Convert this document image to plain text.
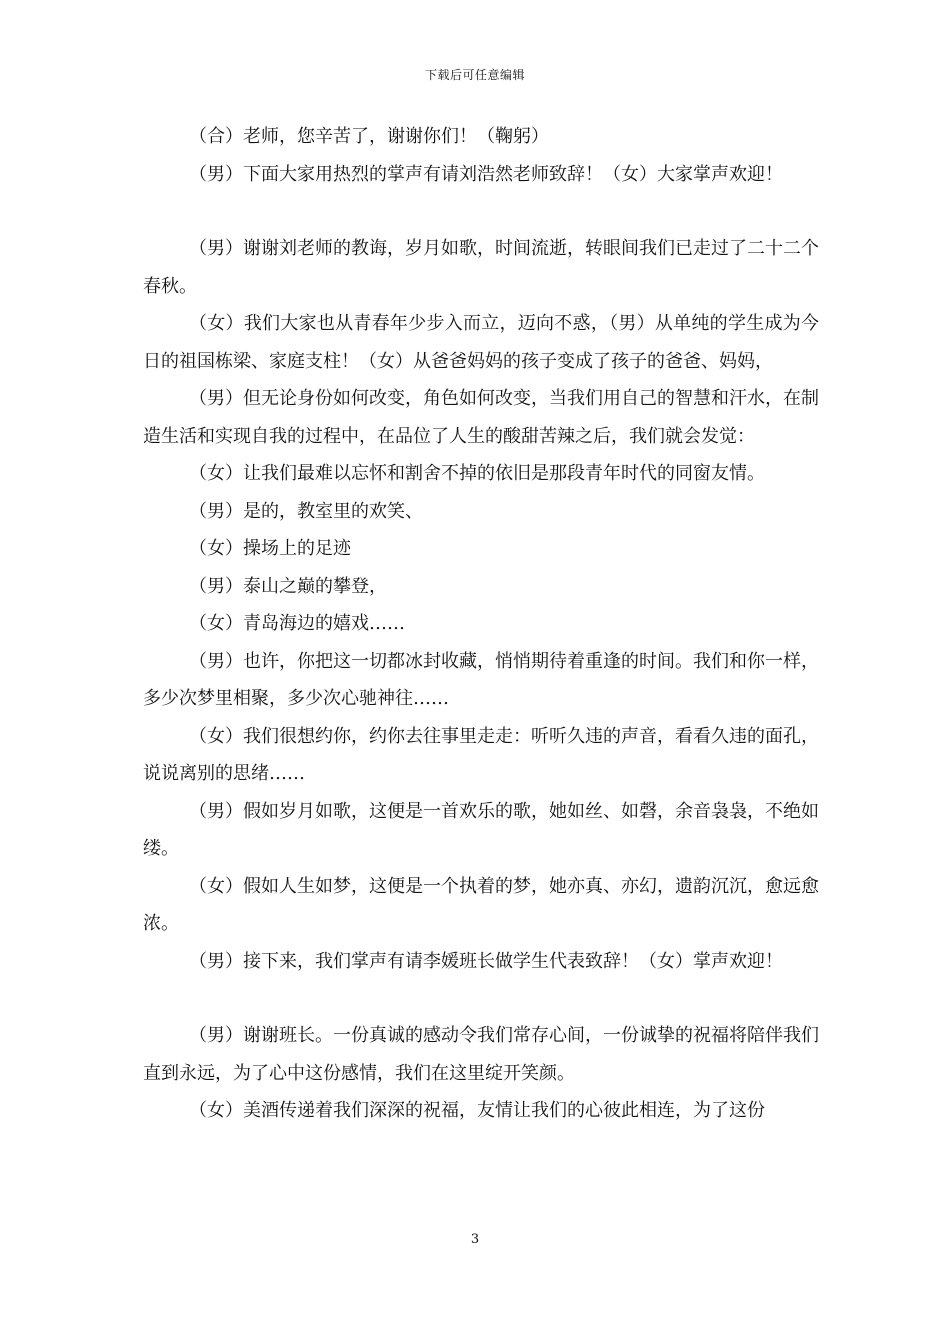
下载后可任意编辑

（合）老师，您辛苦了，谢谢你们！（鞠躬）

（男）下面大家用热烈的掌声有请刘浩然老师致辞！（女）大家掌声欢迎！

（男）谢谢刘老师的教诲，岁月如歌，时间流逝，转眼间我们已走过了二十二个春秋。

（女）我们大家也从青春年少步入而立，迈向不惑，（男）从单纯的学生成为今日的祖国栋梁、家庭支柱！（女）从爸爸妈妈的孩子变成了孩子的爸爸、妈妈，

（男）但无论身份如何改变，角色如何改变，当我们用自己的智慧和汗水，在制造生活和实现自我的过程中，在品位了人生的酸甜苦辣之后，我们就会发觉：

（女）让我们最难以忘怀和割舍不掉的依旧是那段青年时代的同窗友情。

（男）是的，教室里的欢笑、

（女）操场上的足迹

（男）泰山之巅的攀登，

（女）青岛海边的嬉戏……

（男）也许，你把这一切都冰封收藏，悄悄期待着重逢的时间。我们和你一样，多少次梦里相聚，多少次心驰神往……

（女）我们很想约你，约你去往事里走走：听听久违的声音，看看久违的面孔，说说离别的思绪……

（男）假如岁月如歌，这便是一首欢乐的歌，她如丝、如磬，余音袅袅，不绝如缕。

（女）假如人生如梦，这便是一个执着的梦，她亦真、亦幻，遗韵沉沉，愈远愈浓。

（男）接下来，我们掌声有请李媛班长做学生代表致辞！（女）掌声欢迎！

（男）谢谢班长。一份真诚的感动令我们常存心间，一份诚挚的祝福将陪伴我们直到永远，为了心中这份感情，我们在这里绽开笑颜。

（女）美酒传递着我们深深的祝福，友情让我们的心彼此相连，为了这份

3
